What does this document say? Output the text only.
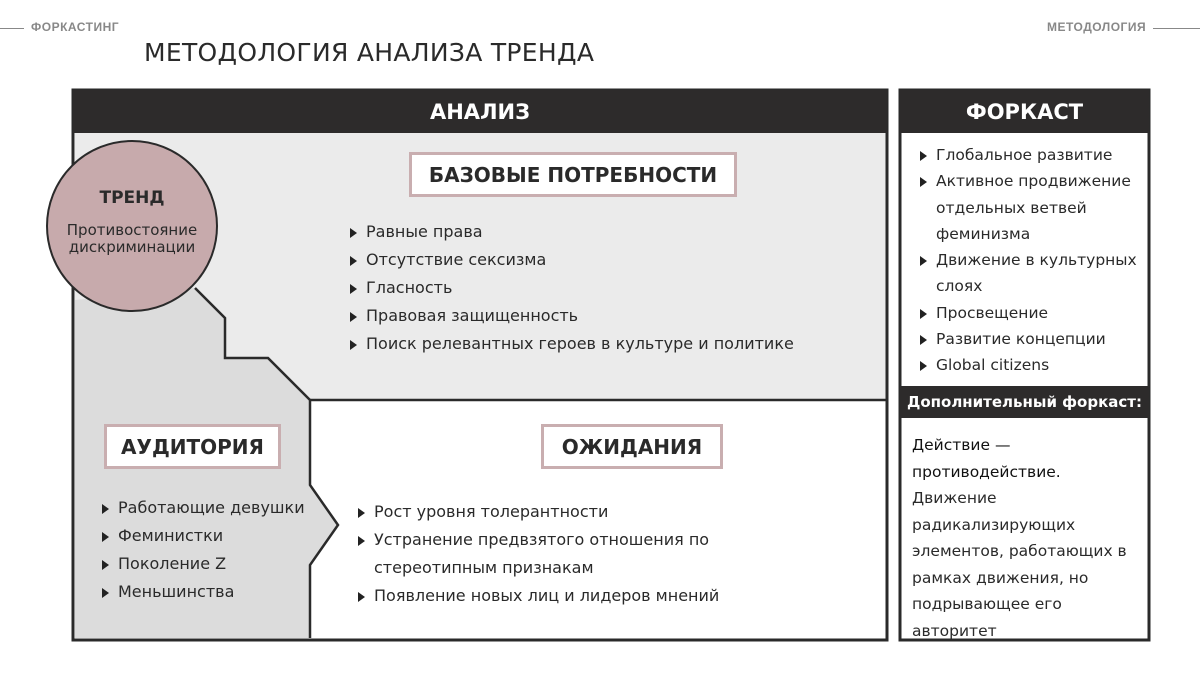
ФОРКАСТИНГ	МЕТОДОЛОГИЯ
МЕТОДОЛОГИЯ АНАЛИЗА ТРЕНДА
АНАЛИЗ	ФОРКАСТ
ТРЕНД
Противостояние дискриминации
БАЗОВЫЕ ПОТРЕБНОСТИ
Равные права
Отсутствие сексизма
Гласность
Правовая защищенность
Поиск релевантных героев в культуре и политике
АУДИТОРИЯ
Работающие девушки
Феминистки
Поколение Z
Меньшинства
ОЖИДАНИЯ
Рост уровня толерантности
Устранение предвзятого отношения по стереотипным признакам
Появление новых лиц и лидеров мнений
Глобальное развитие
Активное продвижение отдельных ветвей феминизма
Движение в культурных слоях
Просвещение
Развитие концепции
Global citizens
Дополнительный форкаст:
Действие — противодействие.
Движение радикализирующих элементов, работающих в рамках движения, но подрывающее его авторитет
